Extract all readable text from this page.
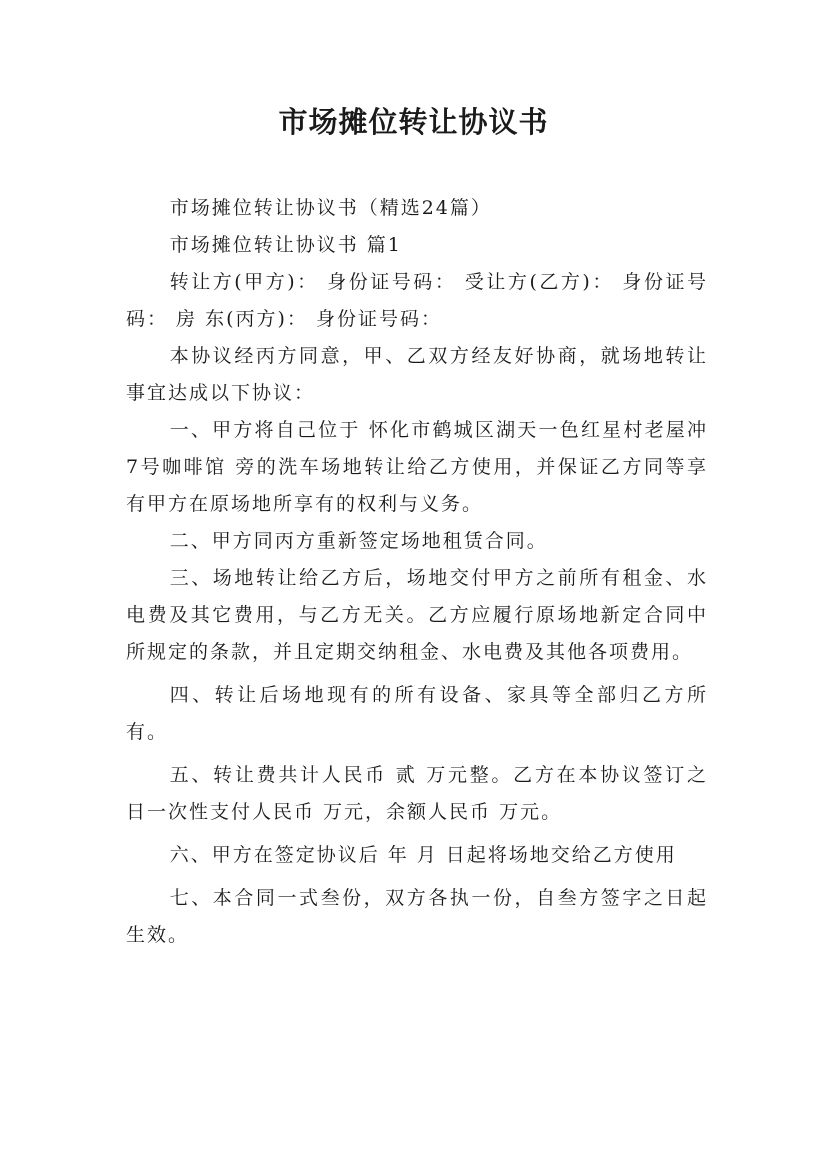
市场摊位转让协议书

市场摊位转让协议书（精选24篇）

市场摊位转让协议书 篇1

转让方(甲方)： 身份证号码： 受让方(乙方)： 身份证号码： 房 东(丙方)： 身份证号码：

本协议经丙方同意，甲、乙双方经友好协商，就场地转让事宜达成以下协议：

一、甲方将自己位于 怀化市鹤城区湖天一色红星村老屋冲7号咖啡馆 旁的洗车场地转让给乙方使用，并保证乙方同等享有甲方在原场地所享有的权利与义务。

二、甲方同丙方重新签定场地租赁合同。

三、场地转让给乙方后，场地交付甲方之前所有租金、水电费及其它费用，与乙方无关。乙方应履行原场地新定合同中所规定的条款，并且定期交纳租金、水电费及其他各项费用。

四、转让后场地现有的所有设备、家具等全部归乙方所有。

五、转让费共计人民币 贰 万元整。乙方在本协议签订之日一次性支付人民币 万元，余额人民币 万元。

六、甲方在签定协议后 年 月 日起将场地交给乙方使用

七、本合同一式叁份，双方各执一份，自叁方签字之日起生效。
